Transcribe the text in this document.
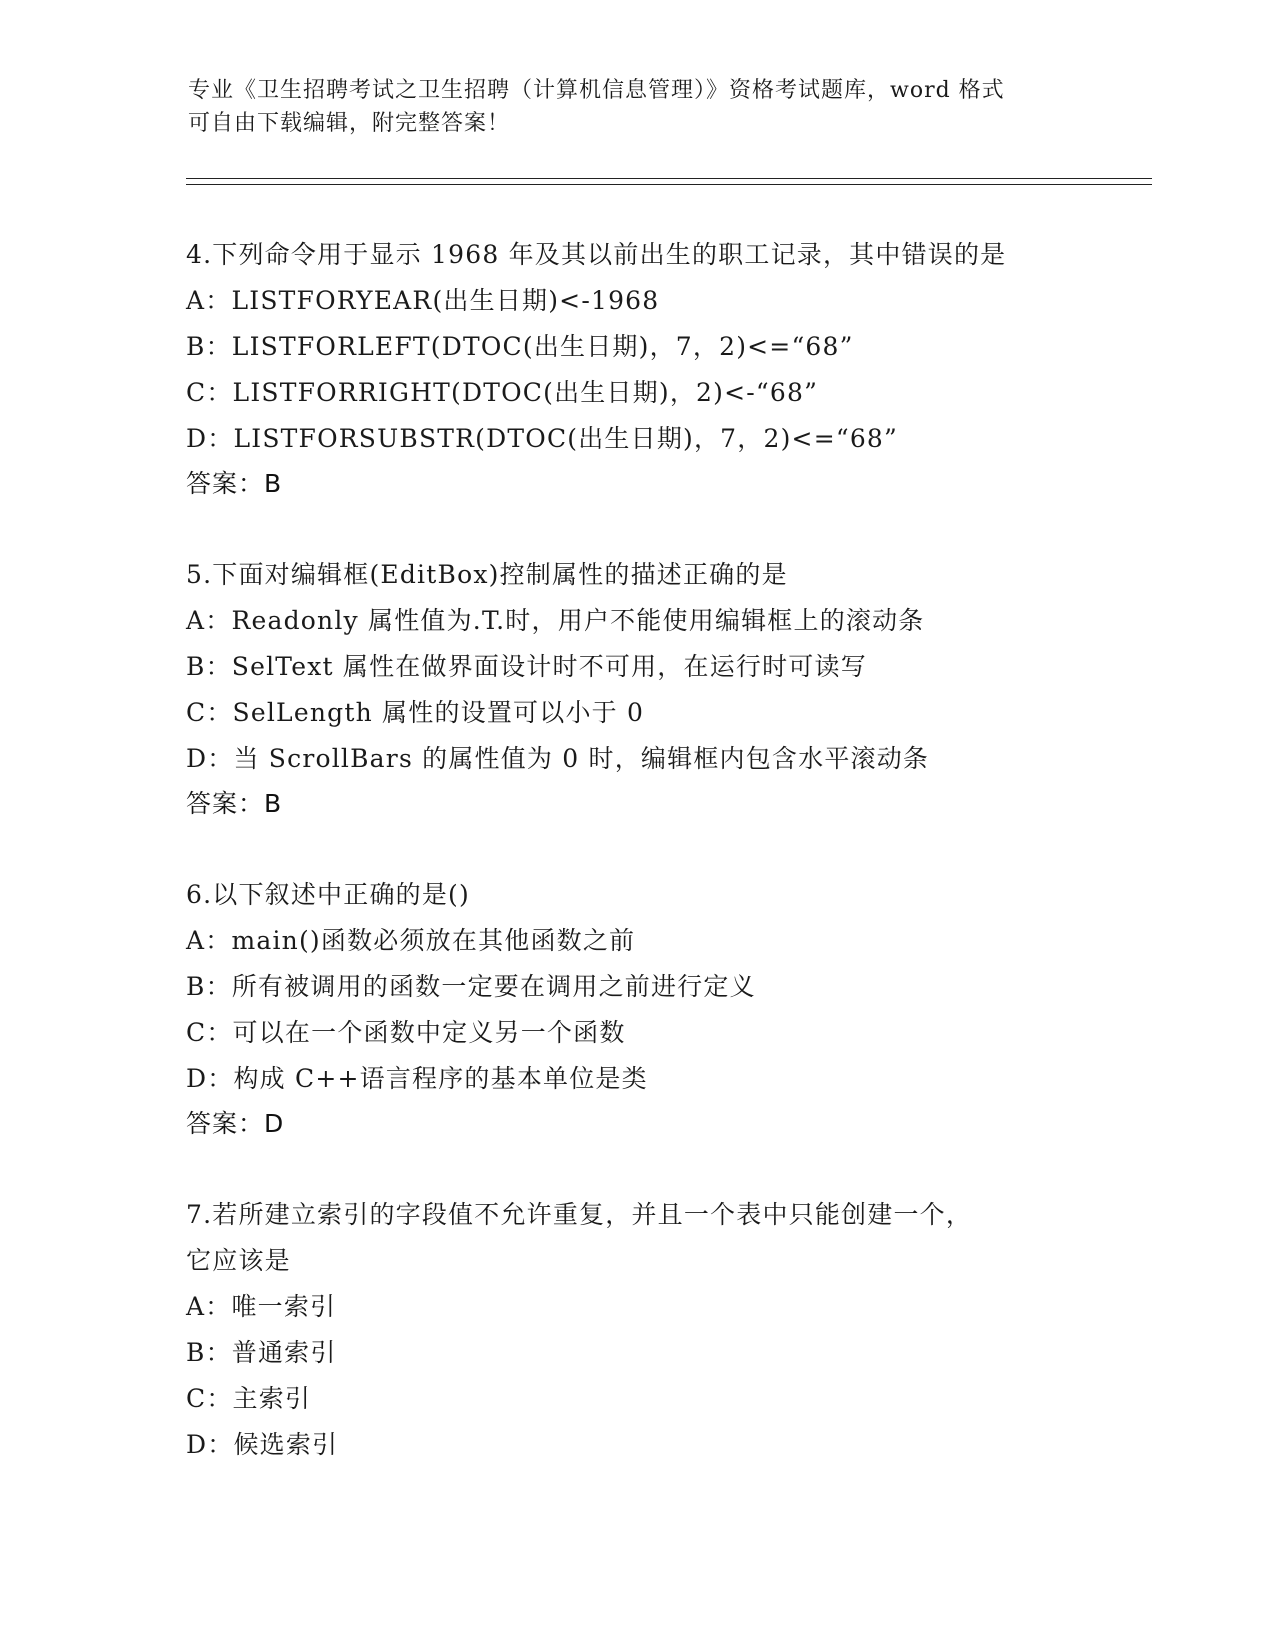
专业《卫生招聘考试之卫生招聘（计算机信息管理）》资格考试题库，word 格式
可自由下载编辑，附完整答案！
4.下列命令用于显示 1968 年及其以前出生的职工记录，其中错误的是
A：LISTFORYEAR(出生日期)<-1968
B：LISTFORLEFT(DTOC(出生日期)，7，2)<=“68”
C：LISTFORRIGHT(DTOC(出生日期)，2)<-“68”
D：LISTFORSUBSTR(DTOC(出生日期)，7，2)<=“68”
答案：B
5.下面对编辑框(EditBox)控制属性的描述正确的是
A：Readonly 属性值为.T.时，用户不能使用编辑框上的滚动条
B：SelText 属性在做界面设计时不可用，在运行时可读写
C：SelLength 属性的设置可以小于 0
D：当 ScrollBars 的属性值为 0 时，编辑框内包含水平滚动条
答案：B
6.以下叙述中正确的是()
A：main()函数必须放在其他函数之前
B：所有被调用的函数一定要在调用之前进行定义
C：可以在一个函数中定义另一个函数
D：构成 C++语言程序的基本单位是类
答案：D
7.若所建立索引的字段值不允许重复，并且一个表中只能创建一个，
它应该是
A：唯一索引
B：普通索引
C：主索引
D：候选索引
